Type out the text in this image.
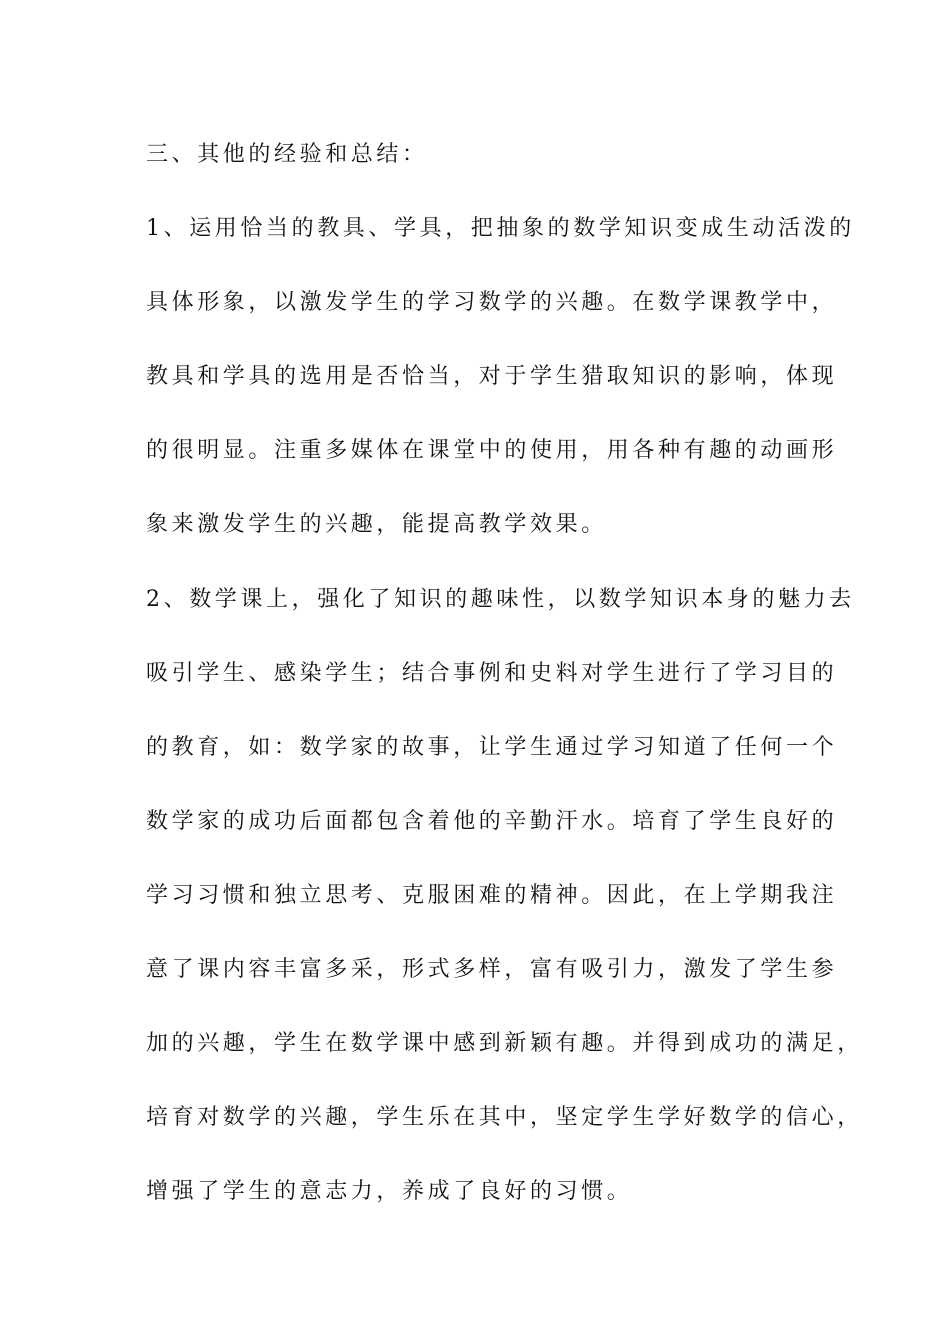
三、其他的经验和总结：
1、运用恰当的教具、学具，把抽象的数学知识变成生动活泼的
具体形象，以激发学生的学习数学的兴趣。在数学课教学中，
教具和学具的选用是否恰当，对于学生猎取知识的影响，体现
的很明显。注重多媒体在课堂中的使用，用各种有趣的动画形
象来激发学生的兴趣，能提高教学效果。
2、数学课上，强化了知识的趣味性，以数学知识本身的魅力去
吸引学生、感染学生；结合事例和史料对学生进行了学习目的
的教育，如：数学家的故事，让学生通过学习知道了任何一个
数学家的成功后面都包含着他的辛勤汗水。培育了学生良好的
学习习惯和独立思考、克服困难的精神。因此，在上学期我注
意了课内容丰富多采，形式多样，富有吸引力，激发了学生参
加的兴趣，学生在数学课中感到新颖有趣。并得到成功的满足，
培育对数学的兴趣，学生乐在其中，坚定学生学好数学的信心，
增强了学生的意志力，养成了良好的习惯。
